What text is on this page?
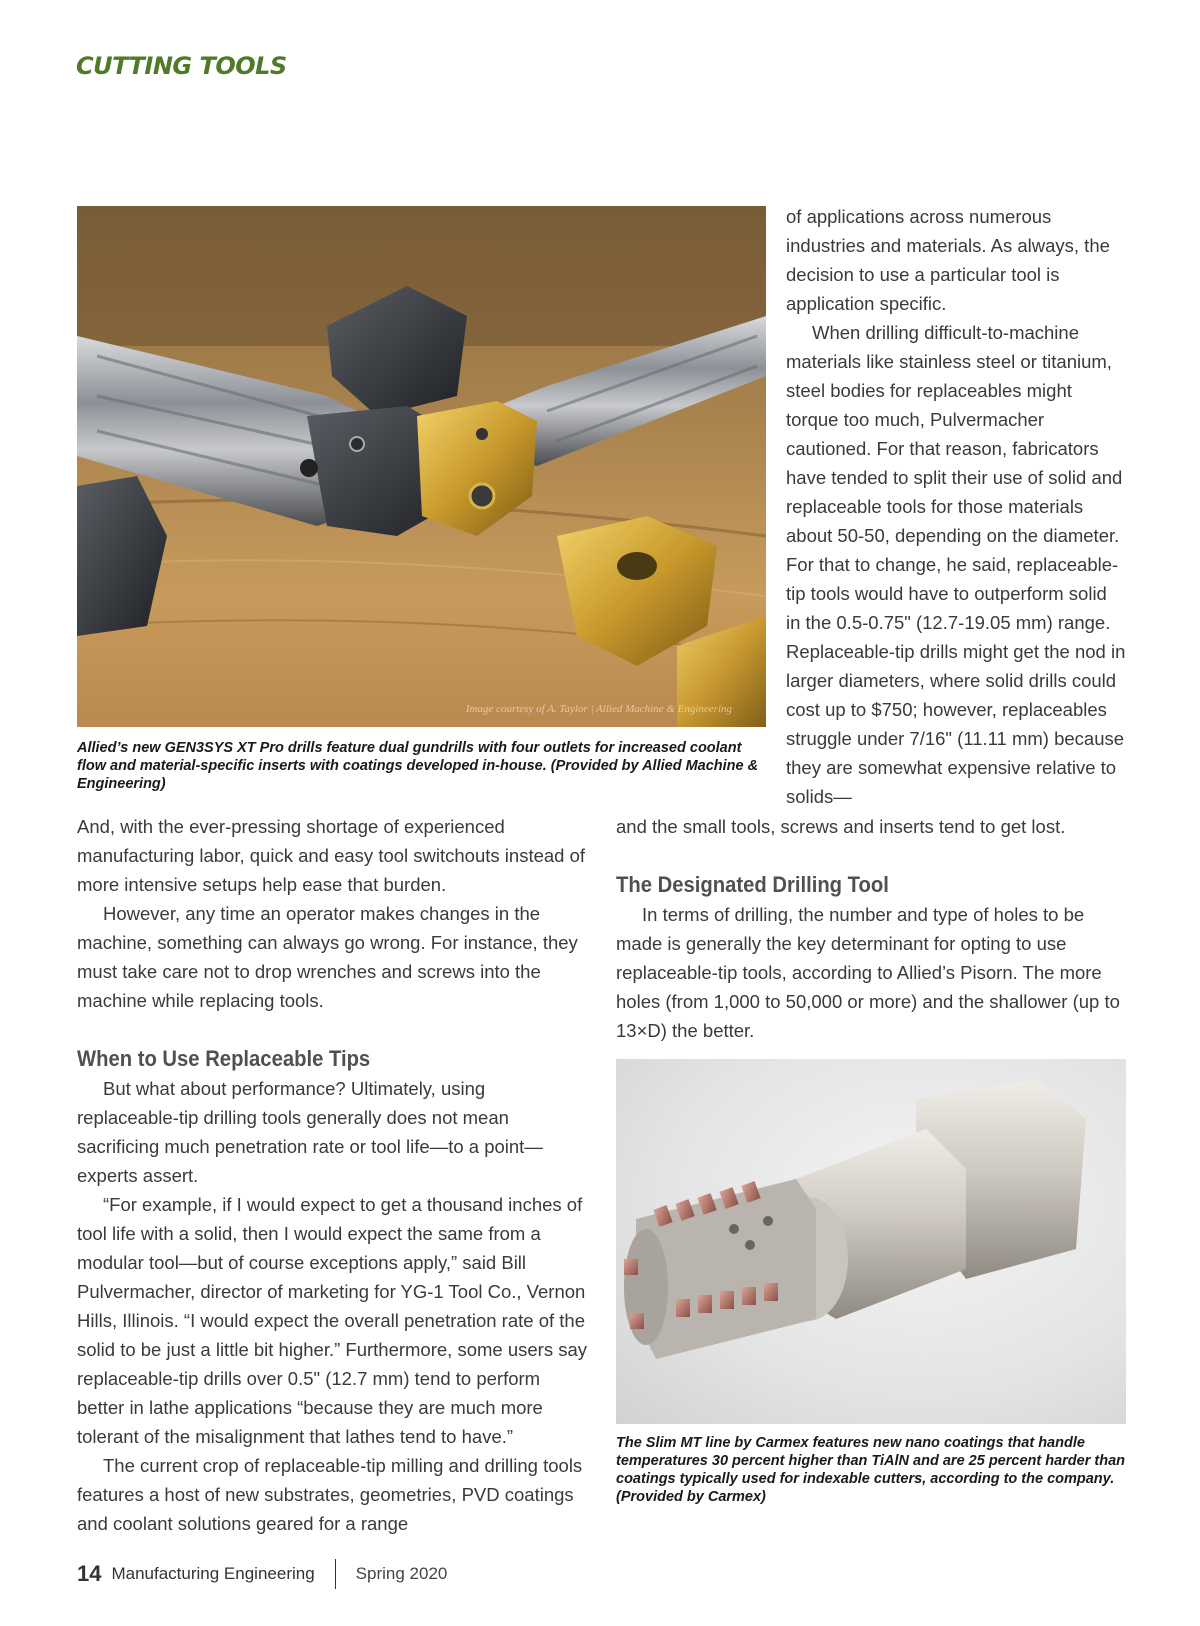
CUTTING TOOLS
Image courtesy of A. Taylor | Allied Machine & Engineering
Allied’s new GEN3SYS XT Pro drills feature dual gundrills with four outlets for increased coolant flow and material-specific inserts with coatings developed in-house. (Provided by Allied Machine & Engineering)

of applications across numerous industries and materials. As always, the decision to use a particular tool is application specific.

When drilling difficult-to-machine materials like stainless steel or titanium, steel bodies for replaceables might torque too much, Pulvermacher cautioned. For that reason, fabricators have tended to split their use of solid and replaceable tools for those materials about 50-50, depending on the diameter. For that to change, he said, replaceable-tip tools would have to outperform solid in the 0.5-0.75" (12.7-19.05 mm) range. Replaceable-tip drills might get the nod in larger diameters, where solid drills could cost up to $750; however, replaceables struggle under 7/16" (11.11 mm) because they are somewhat expensive relative to solids—

And, with the ever-pressing shortage of experienced manufacturing labor, quick and easy tool switchouts instead of more intensive setups help ease that burden.

However, any time an operator makes changes in the machine, something can always go wrong. For instance, they must take care not to drop wrenches and screws into the machine while replacing tools.

When to Use Replaceable Tips

But what about performance? Ultimately, using replaceable-tip drilling tools generally does not mean sacrificing much penetration rate or tool life—to a point—experts assert.

“For example, if I would expect to get a thousand inches of tool life with a solid, then I would expect the same from a modular tool—but of course exceptions apply,” said Bill Pulvermacher, director of marketing for YG-1 Tool Co., Vernon Hills, Illinois. “I would expect the overall penetration rate of the solid to be just a little bit higher.” Furthermore, some users say replaceable-tip drills over 0.5" (12.7 mm) tend to perform better in lathe applications “because they are much more tolerant of the misalignment that lathes tend to have.”

The current crop of replaceable-tip milling and drilling tools features a host of new substrates, geometries, PVD coatings and coolant solutions geared for a range

and the small tools, screws and inserts tend to get lost.

The Designated Drilling Tool

In terms of drilling, the number and type of holes to be made is generally the key determinant for opting to use replaceable-tip tools, according to Allied’s Pisorn. The more holes (from 1,000 to 50,000 or more) and the shallower (up to 13×D) the better.

The Slim MT line by Carmex features new nano coatings that handle temperatures 30 percent higher than TiAlN and are 25 percent harder than coatings typically used for indexable cutters, according to the company. (Provided by Carmex)
14 Manufacturing Engineering Spring 2020
